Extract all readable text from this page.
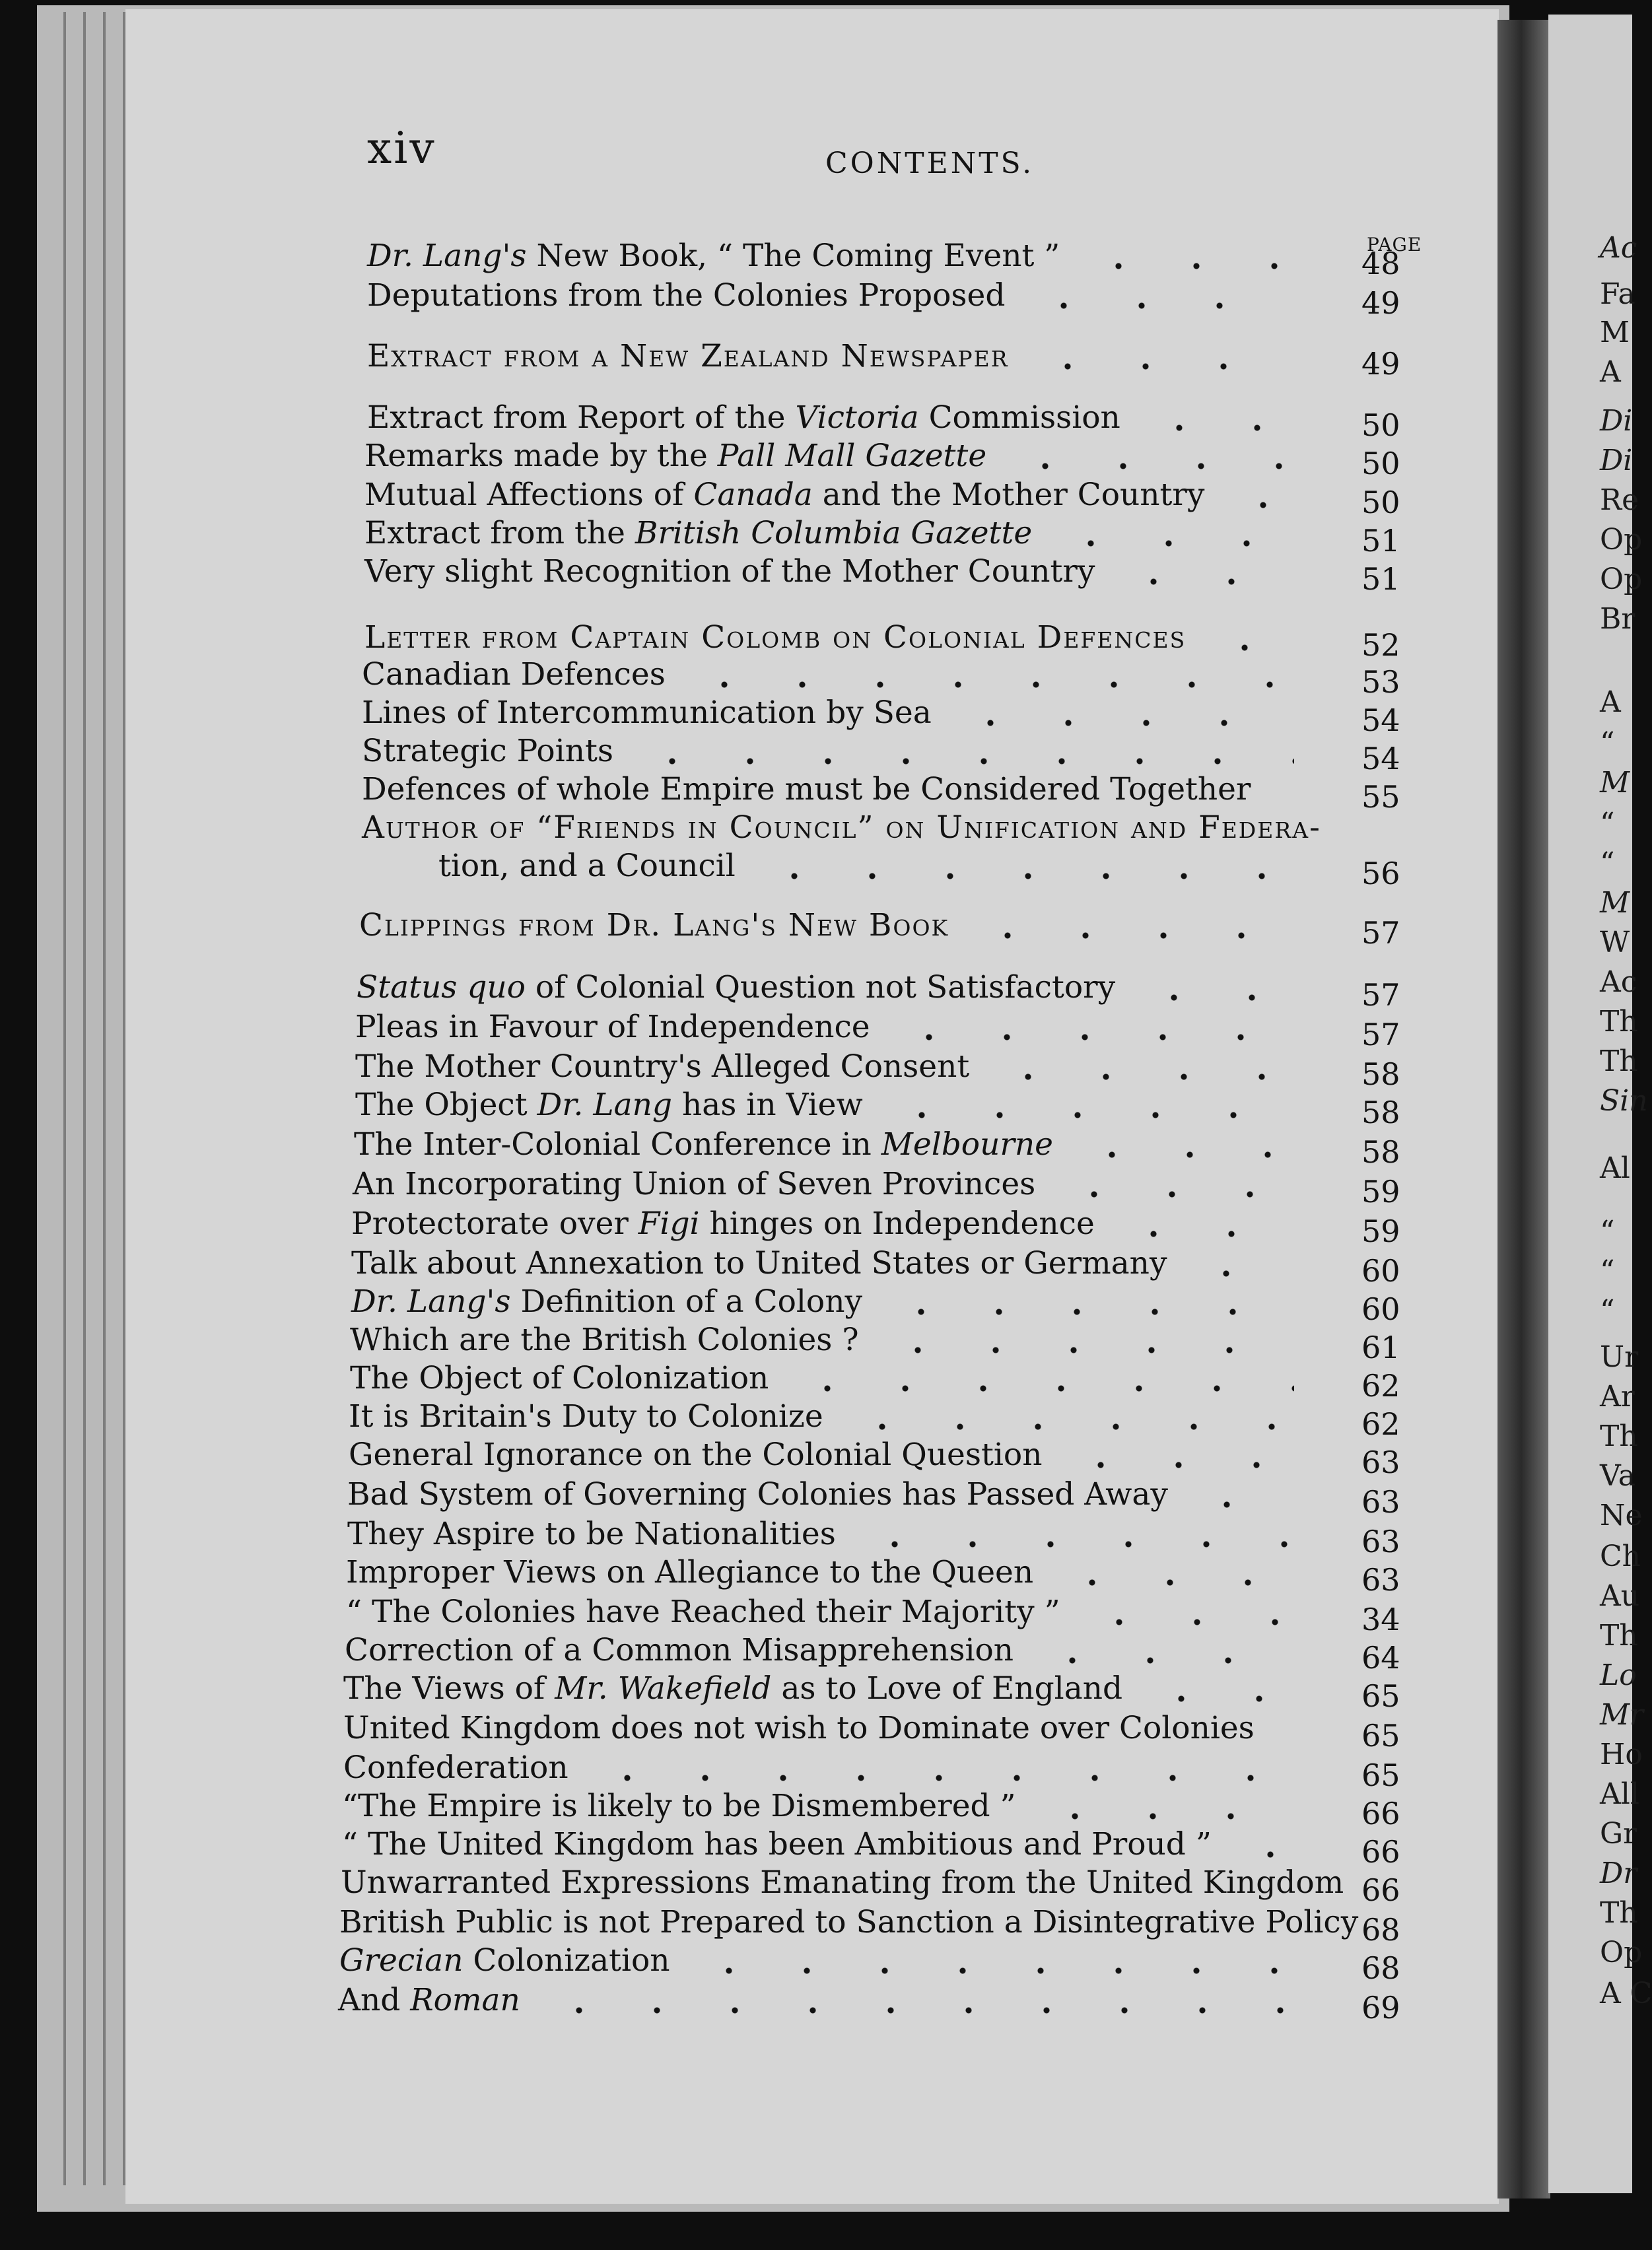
Ac
Fa
M
A
Di
Di
Re
Op
Op
Br
A
“
M
“
“
M
W
Ac
Th
Th
Sin
Al
“
“
“
Ur
Ar
Th
Va
Ne
Ch
Au
Th
Lo
Mr
Ho
All
Gr
Dr
Th
Op
A C
xiv	CONTENTS.
PAGE
Dr. Lang's New Book, “ The Coming Event ”	48
Deputations from the Colonies Proposed	49
Extract from a New Zealand Newspaper	49
Extract from Report of the Victoria Commission	50
Remarks made by the Pall Mall Gazette	50
Mutual Affections of Canada and the Mother Country	50
Extract from the British Columbia Gazette	51
Very slight Recognition of the Mother Country	51
Letter from Captain Colomb on Colonial Defences	52
Canadian Defences	53
Lines of Intercommunication by Sea	54
Strategic Points	54
Defences of whole Empire must be Considered Together	55
Author of “Friends in Council” on Unification and Federa-
tion, and a Council	56
Clippings from Dr. Lang's New Book	57
Status quo of Colonial Question not Satisfactory	57
Pleas in Favour of Independence	57
The Mother Country's Alleged Consent	58
The Object Dr. Lang has in View	58
The Inter-Colonial Conference in Melbourne	58
An Incorporating Union of Seven Provinces	59
Protectorate over Figi hinges on Independence	59
Talk about Annexation to United States or Germany	60
Dr. Lang's Definition of a Colony	60
Which are the British Colonies ?	61
The Object of Colonization	62
It is Britain's Duty to Colonize	62
General Ignorance on the Colonial Question	63
Bad System of Governing Colonies has Passed Away	63
They Aspire to be Nationalities	63
Improper Views on Allegiance to the Queen	63
“ The Colonies have Reached their Majority ”	34
Correction of a Common Misapprehension	64
The Views of Mr. Wakefield as to Love of England	65
United Kingdom does not wish to Dominate over Colonies	65
Confederation	65
“The Empire is likely to be Dismembered ”	66
“ The United Kingdom has been Ambitious and Proud ”	66
Unwarranted Expressions Emanating from the United Kingdom 66
British Public is not Prepared to Sanction a Disintegrative Policy 68
Grecian Colonization	68
And Roman	69
